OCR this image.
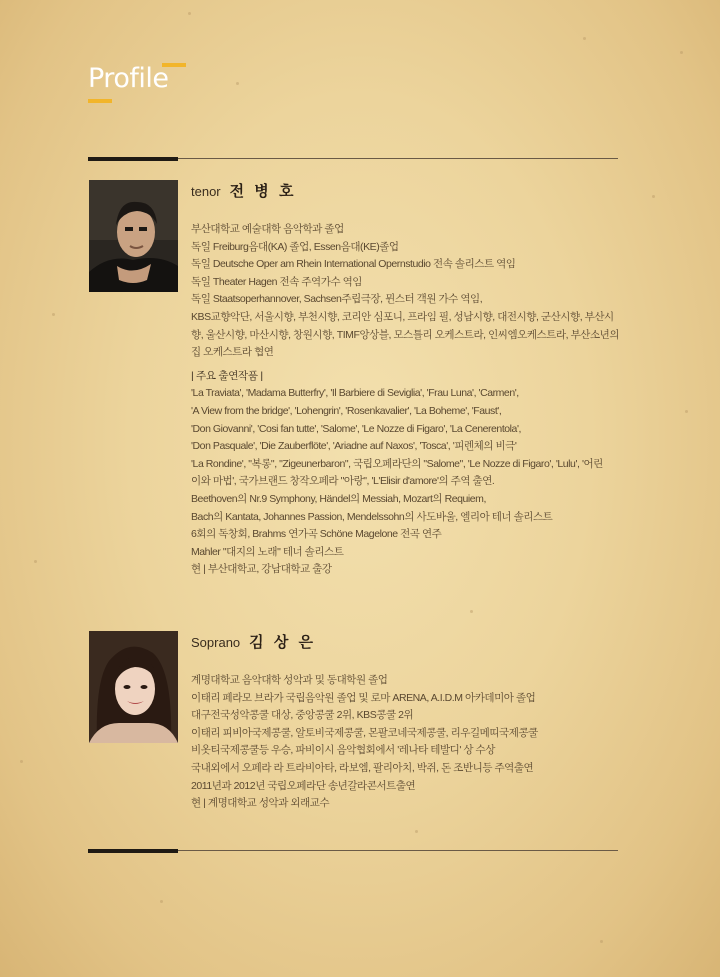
Profile
tenor 전 병 호
부산대학교 예술대학 음악학과 졸업
독일 Freiburg음대(KA) 졸업, Essen음대(KE)졸업
독일 Deutsche Oper am Rhein International Opernstudio 전속 솔리스트 역임
독일 Theater Hagen 전속 주역가수 역임
독일 Staatsoperhannover, Sachsen주립극장, 뮌스터 객원 가수 역임,
KBS교향악단, 서울시향, 부천시향, 코리안 심포니, 프라임 필, 성남시향, 대전시향, 군산시향, 부산시
향, 울산시향, 마산시향, 창원시향, TIMF앙상블, 모스틀리 오케스트라, 인씨엠오케스트라, 부산소년의
집 오케스트라 협연
| 주요 출연작품 |
'La Traviata', 'Madama Butterfry', 'Il Barbiere di Seviglia', 'Frau Luna', 'Carmen',
'A View from the bridge', 'Lohengrin', 'Rosenkavalier', 'La Boheme', 'Faust',
'Don Giovanni', 'Cosi fan tutte', 'Salome', 'Le Nozze di Figaro', 'La Cenerentola',
'Don Pasquale', 'Die Zauberflöte', 'Ariadne auf Naxos', 'Tosca', '피렌체의 비극'
'La Rondine', "복롱", "Zigeunerbaron", 국립오페라단의 "Salome", 'Le Nozze di Figaro', 'Lulu', '어린
이와 마법', 국가브랜드 창작오페라 "아랑", 'L'Elisir d'amore'의 주역 출연.
Beethoven의 Nr.9 Symphony, Händel의 Messiah, Mozart의 Requiem,
Bach의 Kantata, Johannes Passion, Mendelssohn의 사도바울, 엘리아 테너 솔리스트
6회의 독창회, Brahms 연가곡 Schöne Magelone 전곡 연주
Mahler "대지의 노래" 테너 솔리스트
현 | 부산대학교, 강남대학교 출강
Soprano 김 상 은
계명대학교 음악대학 성악과 및 동대학원 졸업
이태리 페라모 브라가 국립음악원 졸업 및 로마 ARENA, A.I.D.M 아카데미아 졸업
대구전국성악콩쿨 대상, 중앙콩쿨 2위, KBS콩쿨 2위
이태리 피비아국제콩쿨, 알토비국제콩쿨, 몬팔코네국제콩쿨, 리우길메띠국제콩쿨
비옷티국제콩쿨등 우승, 파비이시 음악협회에서 '레나타 테발디' 상 수상
국내외에서 오페라 라 트라비아타, 라보엠, 팔리아치, 박쥐, 돈 조반니등 주역출연
2011년과 2012년 국립오페라단 송년갈라콘서트출연
현 | 계명대학교 성악과 외래교수
